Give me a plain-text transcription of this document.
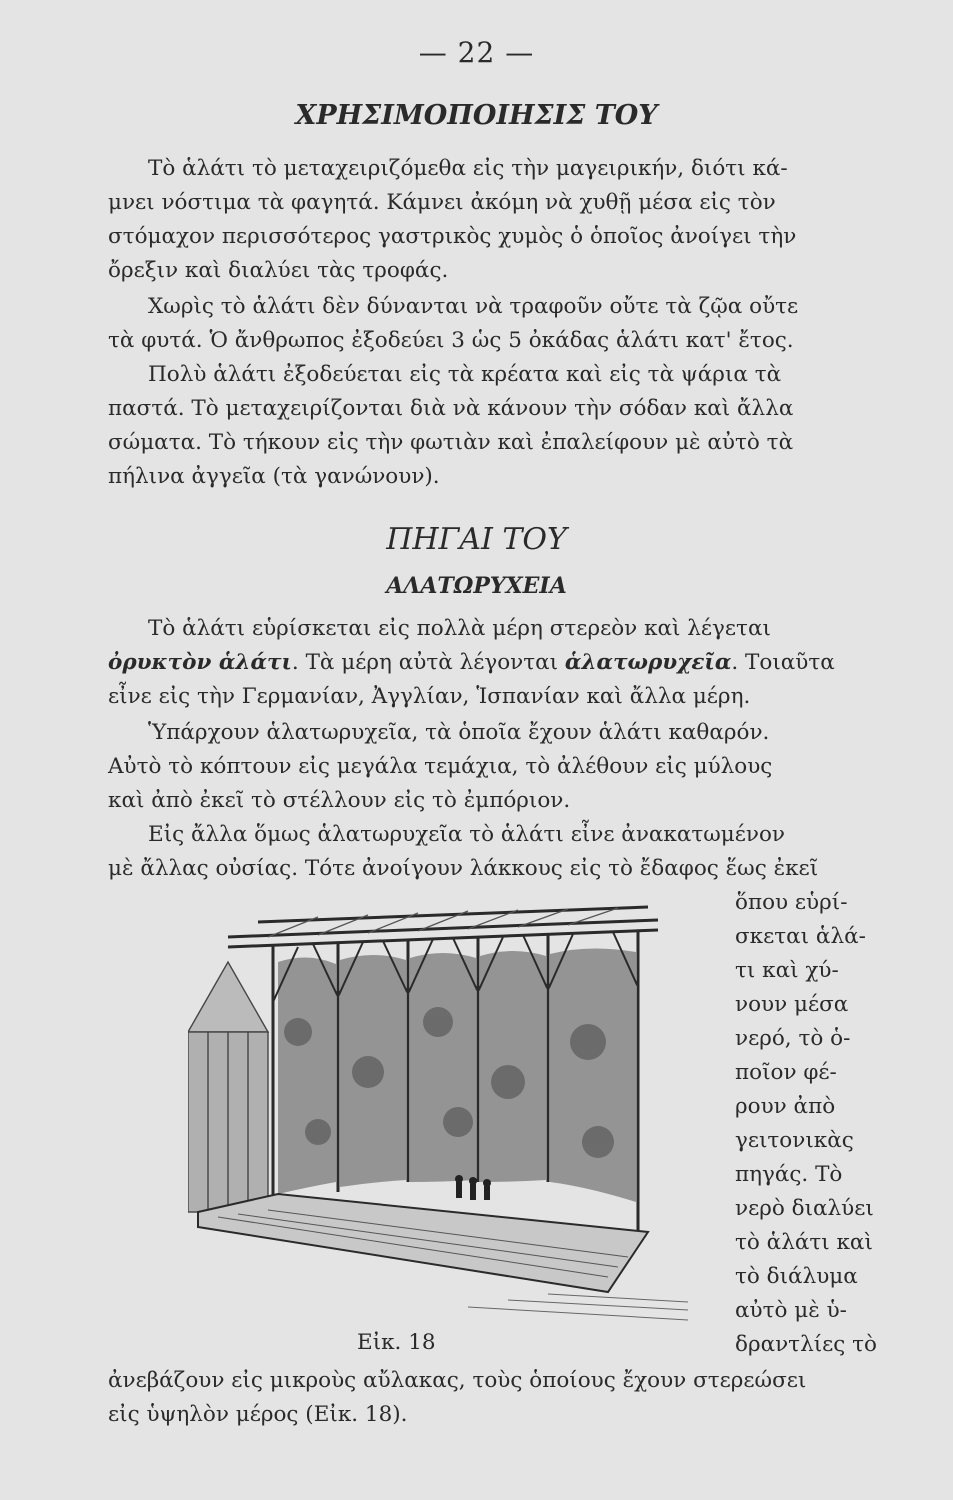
— 22 —
ΧΡΗΣΙΜΟΠΟΙΗΣΙΣ ΤΟΥ
Τὸ ἁλάτι τὸ μεταχειριζόμεθα εἰς τὴν μαγειρικήν, διότι κά-
μνει νόστιμα τὰ φαγητά. Κάμνει ἀκόμη νὰ χυθῇ μέσα εἰς τὸν
στόμαχον περισσότερος γαστρικὸς χυμὸς ὁ ὁποῖος ἀνοίγει τὴν
ὄρεξιν καὶ διαλύει τὰς τροφάς.
Χωρὶς τὸ ἁλάτι δὲν δύνανται νὰ τραφοῦν οὔτε τὰ ζῷα οὔτε
τὰ φυτά. Ὁ ἄνθρωπος ἐξοδεύει 3 ὡς 5 ὀκάδας ἁλάτι κατ' ἔτος.
Πολὺ ἁλάτι ἐξοδεύεται εἰς τὰ κρέατα καὶ εἰς τὰ ψάρια τὰ
παστά. Τὸ μεταχειρίζονται διὰ νὰ κάνουν τὴν σόδαν καὶ ἄλλα
σώματα. Τὸ τήκουν εἰς τὴν φωτιὰν καὶ ἐπαλείφουν μὲ αὐτὸ τὰ
πήλινα ἀγγεῖα (τὰ γανώνουν).
ΠΗΓΑΙ ΤΟΥ
ΑΛΑΤΩΡΥΧΕΙΑ
Τὸ ἁλάτι εὑρίσκεται εἰς πολλὰ μέρη στερεὸν καὶ λέγεται
ὀρυκτὸν ἁλάτι. Τὰ μέρη αὐτὰ λέγονται ἁλατωρυχεῖα. Τοιαῦτα
εἶνε εἰς τὴν Γερμανίαν, Ἀγγλίαν, Ἱσπανίαν καὶ ἄλλα μέρη.
Ὑπάρχουν ἁλατωρυχεῖα, τὰ ὁποῖα ἔχουν ἁλάτι καθαρόν.
Αὐτὸ τὸ κόπτουν εἰς μεγάλα τεμάχια, τὸ ἀλέθουν εἰς μύλους
καὶ ἀπὸ ἐκεῖ τὸ στέλλουν εἰς τὸ ἐμπόριον.
Εἰς ἄλλα ὅμως ἁλατωρυχεῖα τὸ ἁλάτι εἶνε ἀνακατωμένον
μὲ ἄλλας οὐσίας. Τότε ἀνοίγουν λάκκους εἰς τὸ ἔδαφος ἕως ἐκεῖ
ὅπου εὑρί-
σκεται ἁλά-
τι καὶ χύ-
νουν μέσα
νερό, τὸ ὁ-
ποῖον φέ-
ρουν ἀπὸ
γειτονικὰς
πηγάς. Τὸ
νερὸ διαλύει
τὸ ἁλάτι καὶ
τὸ διάλυμα
αὐτὸ μὲ ὑ-
δραντλίες τὸ
Εἰκ. 18
ἀνεβάζουν εἰς μικροὺς αὔλακας, τοὺς ὁποίους ἔχουν στερεώσει
εἰς ὑψηλὸν μέρος (Εἰκ. 18).
